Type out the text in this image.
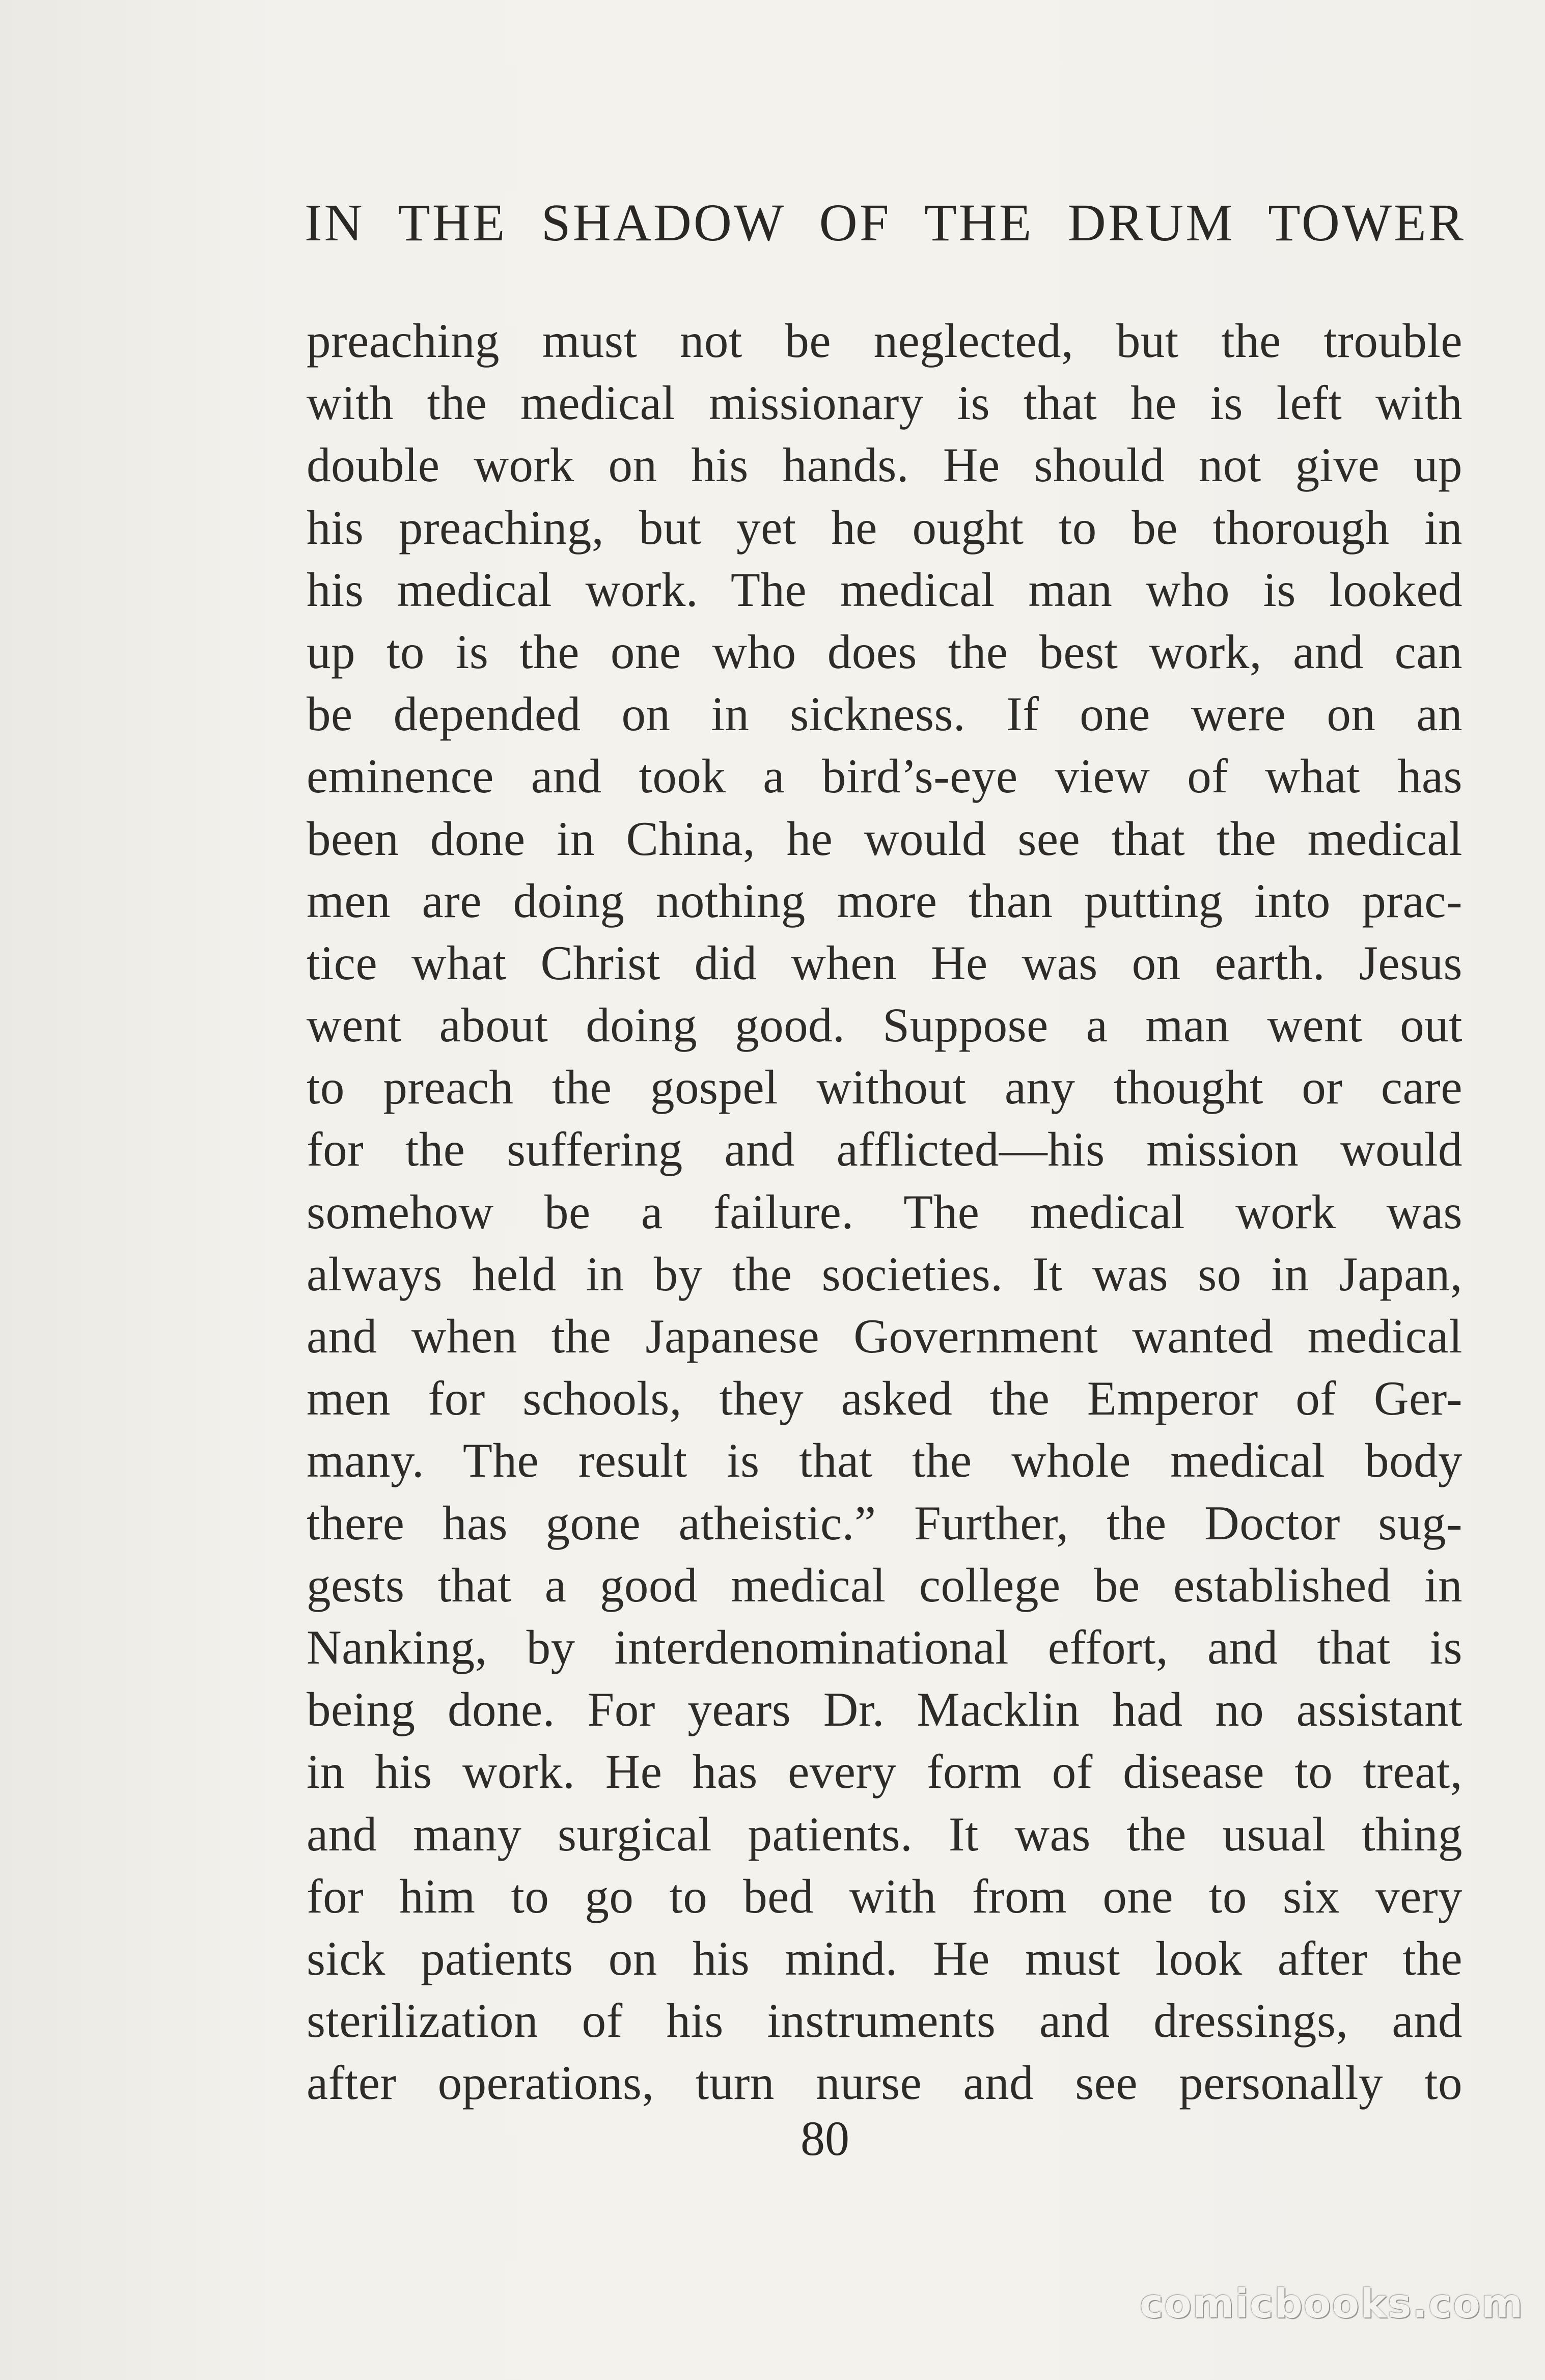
IN THE SHADOW OF THE DRUM TOWER
preaching must not be neglected, but the trouble
with the medical missionary is that he is left with
double work on his hands. He should not give up
his preaching, but yet he ought to be thorough in
his medical work. The medical man who is looked
up to is the one who does the best work, and can
be depended on in sickness. If one were on an
eminence and took a bird’s-eye view of what has
been done in China, he would see that the medical
men are doing nothing more than putting into prac-
tice what Christ did when He was on earth. Jesus
went about doing good. Suppose a man went out
to preach the gospel without any thought or care
for the suffering and afflicted—his mission would
somehow be a failure. The medical work was
always held in by the societies. It was so in Japan,
and when the Japanese Government wanted medical
men for schools, they asked the Emperor of Ger-
many. The result is that the whole medical body
there has gone atheistic.” Further, the Doctor sug-
gests that a good medical college be established in
Nanking, by interdenominational effort, and that is
being done. For years Dr. Macklin had no assistant
in his work. He has every form of disease to treat,
and many surgical patients. It was the usual thing
for him to go to bed with from one to six very
sick patients on his mind. He must look after the
sterilization of his instruments and dressings, and
after operations, turn nurse and see personally to
80
comicbooks.com
